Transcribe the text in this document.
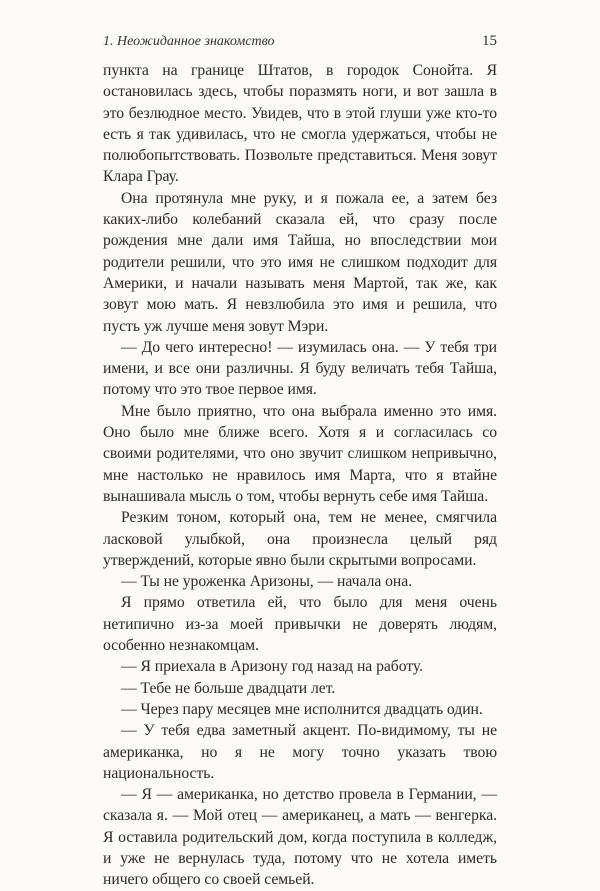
1. Неожиданное знакомство	15

пункта на границе Штатов, в городок Сонойта. Я остановилась здесь, чтобы поразмять ноги, и вот зашла в это безлюдное место. Увидев, что в этой глуши уже кто-то есть я так удивилась, что не смогла удержаться, чтобы не полюбопытствовать. Позвольте представиться. Меня зовут Клара Грау.

Она протянула мне руку, и я пожала ее, а затем без каких-либо колебаний сказала ей, что сразу после рождения мне дали имя Тайша, но впоследствии мои родители решили, что это имя не слишком подходит для Америки, и начали называть меня Мартой, так же, как зовут мою мать. Я невзлюбила это имя и решила, что пусть уж лучше меня зовут Мэри.

— До чего интересно! — изумилась она. — У тебя три имени, и все они различны. Я буду величать тебя Тайша, потому что это твое первое имя.

Мне было приятно, что она выбрала именно это имя. Оно было мне ближе всего. Хотя я и согласилась со своими родителями, что оно звучит слишком непривычно, мне настолько не нравилось имя Марта, что я втайне вынашивала мысль о том, чтобы вернуть себе имя Тайша.

Резким тоном, который она, тем не менее, смягчила ласковой улыбкой, она произнесла целый ряд утверждений, которые явно были скрытыми вопросами.

— Ты не уроженка Аризоны, — начала она.

Я прямо ответила ей, что было для меня очень нетипично из-за моей привычки не доверять людям, особенно незнакомцам.

— Я приехала в Аризону год назад на работу.

— Тебе не больше двадцати лет.

— Через пару месяцев мне исполнится двадцать один.

— У тебя едва заметный акцент. По-видимому, ты не американка, но я не могу точно указать твою национальность.

— Я — американка, но детство провела в Германии, — сказала я. — Мой отец — американец, а мать — венгерка. Я оставила родительский дом, когда поступила в колледж, и уже не вернулась туда, потому что не хотела иметь ничего общего со своей семьей.
